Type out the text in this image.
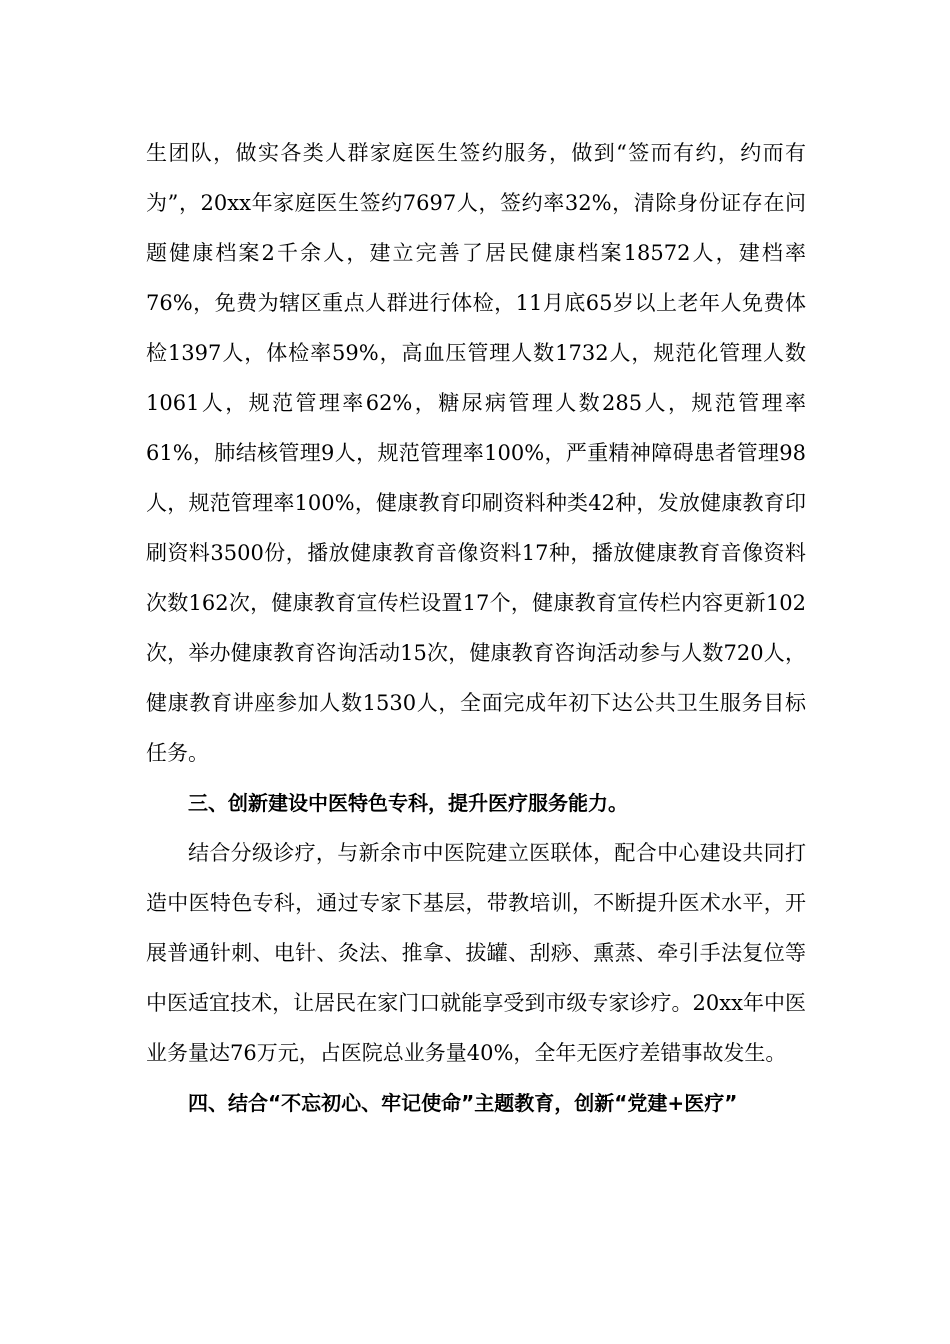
生团队，做实各类人群家庭医生签约服务，做到“签而有约，约而有为”，20xx年家庭医生签约7697人，签约率32%，清除身份证存在问题健康档案2千余人，建立完善了居民健康档案18572人，建档率76%，免费为辖区重点人群进行体检，11月底65岁以上老年人免费体检1397人，体检率59%，高血压管理人数1732人，规范化管理人数1061人，规范管理率62%，糖尿病管理人数285人，规范管理率61%，肺结核管理9人，规范管理率100%，严重精神障碍患者管理98人，规范管理率100%，健康教育印刷资料种类42种，发放健康教育印刷资料3500份，播放健康教育音像资料17种，播放健康教育音像资料次数162次，健康教育宣传栏设置17个，健康教育宣传栏内容更新102次，举办健康教育咨询活动15次，健康教育咨询活动参与人数720人，健康教育讲座参加人数1530人，全面完成年初下达公共卫生服务目标任务。

三、创新建设中医特色专科，提升医疗服务能力。

结合分级诊疗，与新余市中医院建立医联体，配合中心建设共同打造中医特色专科，通过专家下基层，带教培训，不断提升医术水平，开展普通针刺、电针、灸法、推拿、拔罐、刮痧、熏蒸、牵引手法复位等中医适宜技术，让居民在家门口就能享受到市级专家诊疗。20xx年中医业务量达76万元，占医院总业务量40%，全年无医疗差错事故发生。

四、结合“不忘初心、牢记使命”主题教育，创新“党建+医疗”
